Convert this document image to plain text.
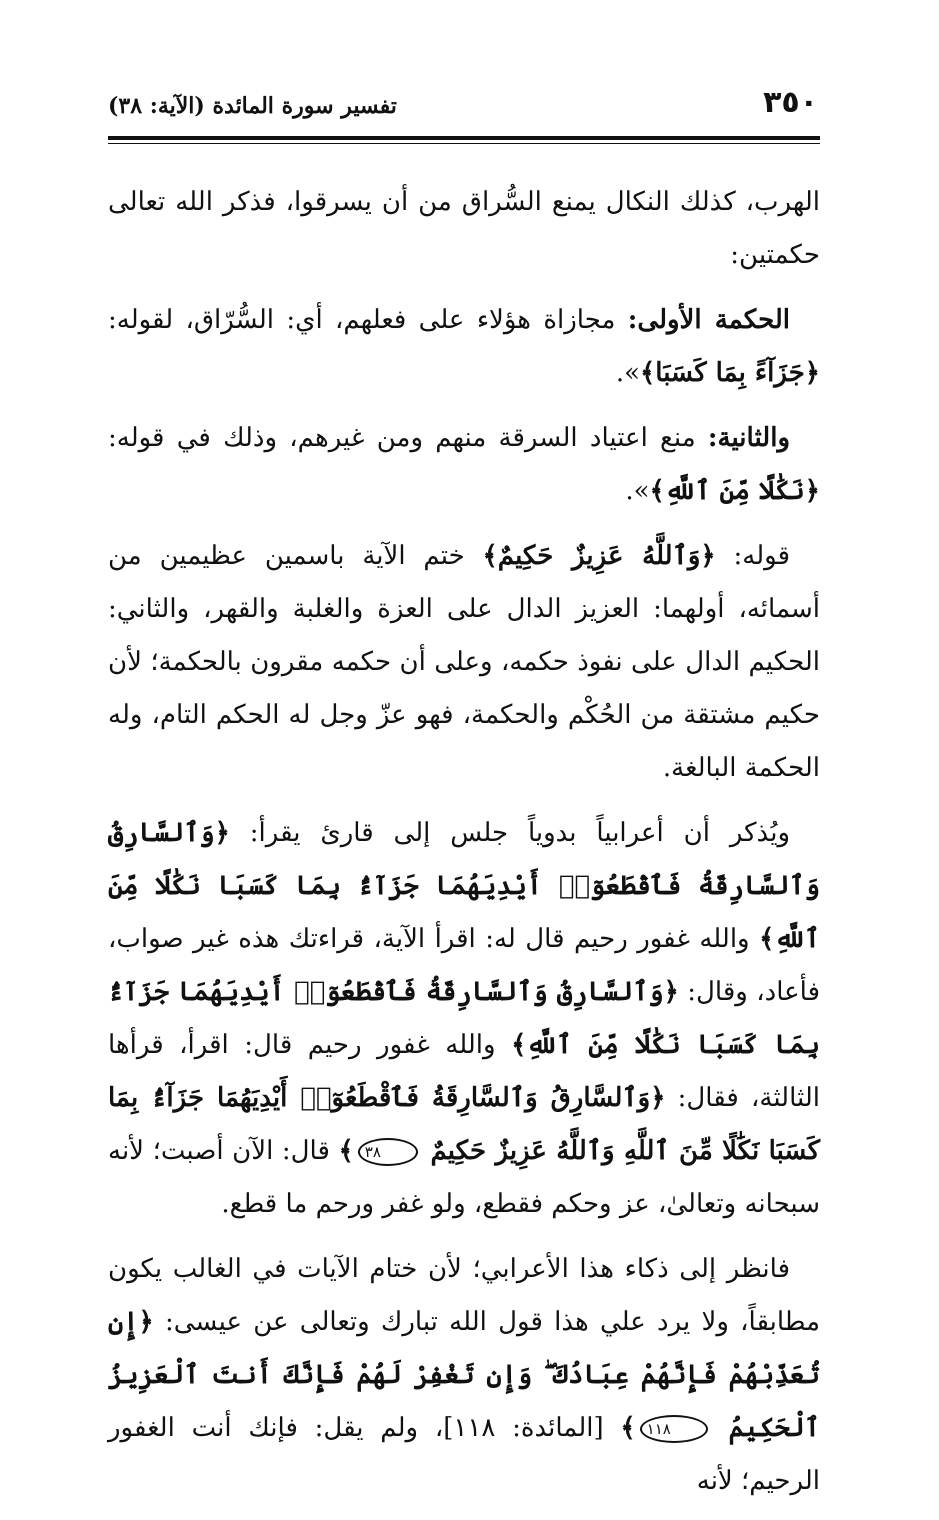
٣٥٠
تفسير سورة المائدة (الآية: ٣٨)

الهرب، كذلك النكال يمنع السُّراق من أن يسرقوا، فذكر الله تعالى حكمتين:

الحكمة الأولى: مجازاة هؤلاء على فعلهم، أي: السُّرّاق، لقوله: ﴿جَزَآءً بِمَا كَسَبَا﴾».

والثانية: منع اعتياد السرقة منهم ومن غيرهم، وذلك في قوله: ﴿نَكَٰلًا مِّنَ ٱللَّهِ﴾».

قوله: ﴿وَٱللَّهُ عَزِيزٌ حَكِيمٌ﴾ ختم الآية باسمين عظيمين من أسمائه، أولهما: العزيز الدال على العزة والغلبة والقهر، والثاني: الحكيم الدال على نفوذ حكمه، وعلى أن حكمه مقرون بالحكمة؛ لأن حكيم مشتقة من الحُكْم والحكمة، فهو عزّ وجل له الحكم التام، وله الحكمة البالغة.

ويُذكر أن أعرابياً بدوياً جلس إلى قارئ يقرأ: ﴿وَٱلسَّارِقُ وَٱلسَّارِقَةُ فَٱقْطَعُوٓا۟ أَيْدِيَهُمَا جَزَآءًۢ بِمَا كَسَبَا نَكَٰلًا مِّنَ ٱللَّهِ﴾ والله غفور رحيم قال له: اقرأ الآية، قراءتك هذه غير صواب، فأعاد، وقال: ﴿وَٱلسَّارِقُ وَٱلسَّارِقَةُ فَٱقْطَعُوٓا۟ أَيْدِيَهُمَا جَزَآءًۢ بِمَا كَسَبَا نَكَٰلًا مِّنَ ٱللَّهِ﴾ والله غفور رحيم قال: اقرأ، قرأها الثالثة، فقال: ﴿وَٱلسَّارِقُ وَٱلسَّارِقَةُ فَٱقْطَعُوٓا۟ أَيْدِيَهُمَا جَزَآءًۢ بِمَا كَسَبَا نَكَٰلًا مِّنَ ٱللَّهِ وَٱللَّهُ عَزِيزٌ حَكِيمٌ ٣٨﴾ قال: الآن أصبت؛ لأنه سبحانه وتعالىٰ، عز وحكم فقطع، ولو غفر ورحم ما قطع.

فانظر إلى ذكاء هذا الأعرابي؛ لأن ختام الآيات في الغالب يكون مطابقاً، ولا يرد علي هذا قول الله تبارك وتعالى عن عيسى: ﴿إِن تُعَذِّبْهُمْ فَإِنَّهُمْ عِبَادُكَ ۖ وَإِن تَغْفِرْ لَهُمْ فَإِنَّكَ أَنتَ ٱلْعَزِيزُ ٱلْحَكِيمُ ١١٨﴾ [المائدة: ١١٨]، ولم يقل: فإنك أنت الغفور الرحيم؛ لأنه
